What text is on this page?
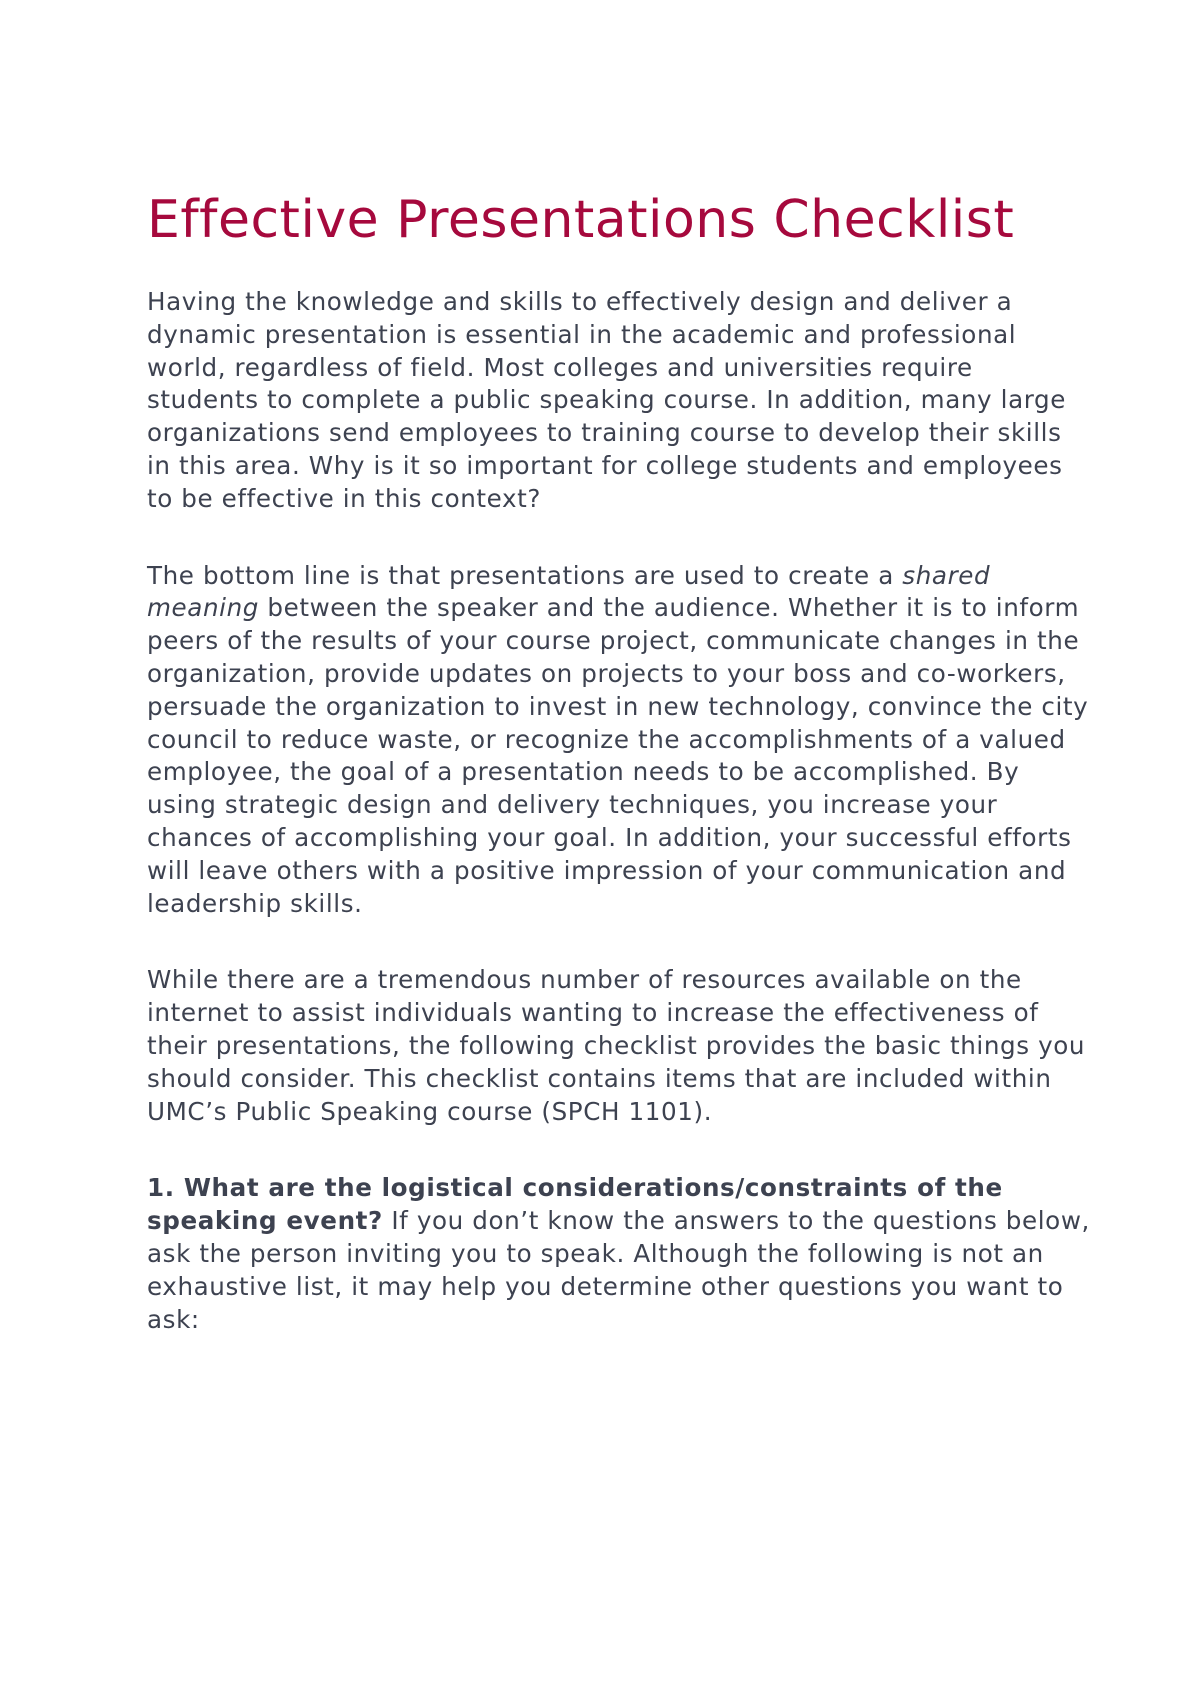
Effective Presentations Checklist

Having the knowledge and skills to effectively design and deliver a dynamic presentation is essential in the academic and professional world, regardless of field. Most colleges and universities require students to complete a public speaking course. In addition, many large organizations send employees to training course to develop their skills in this area. Why is it so important for college students and employees to be effective in this context?

The bottom line is that presentations are used to create a shared meaning between the speaker and the audience. Whether it is to inform peers of the results of your course project, communicate changes in the organization, provide updates on projects to your boss and co-workers, persuade the organization to invest in new technology, convince the city council to reduce waste, or recognize the accomplishments of a valued employee, the goal of a presentation needs to be accomplished. By using strategic design and delivery techniques, you increase your chances of accomplishing your goal. In addition, your successful efforts will leave others with a positive impression of your communication and leadership skills.

While there are a tremendous number of resources available on the internet to assist individuals wanting to increase the effectiveness of their presentations, the following checklist provides the basic things you should consider. This checklist contains items that are included within UMC’s Public Speaking course (SPCH 1101).

1. What are the logistical considerations/constraints of the speaking event? If you don’t know the answers to the questions below, ask the person inviting you to speak. Although the following is not an exhaustive list, it may help you determine other questions you want to ask:
